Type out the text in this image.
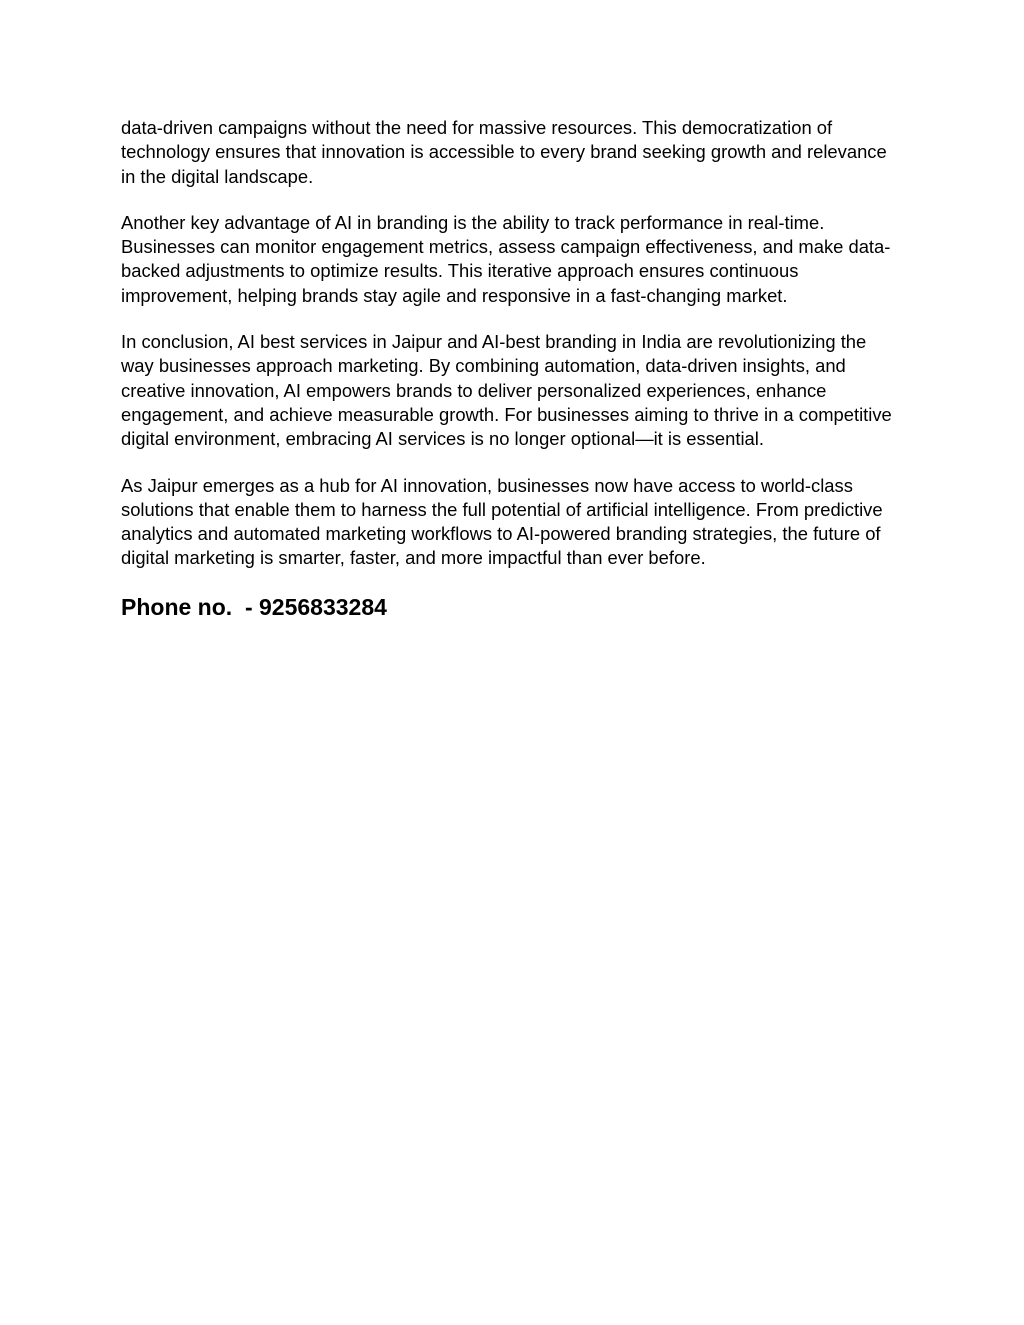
data-driven campaigns without the need for massive resources. This democratization of technology ensures that innovation is accessible to every brand seeking growth and relevance in the digital landscape.

Another key advantage of AI in branding is the ability to track performance in real-time. Businesses can monitor engagement metrics, assess campaign effectiveness, and make data-backed adjustments to optimize results. This iterative approach ensures continuous improvement, helping brands stay agile and responsive in a fast-changing market.

In conclusion, AI best services in Jaipur and AI-best branding in India are revolutionizing the way businesses approach marketing. By combining automation, data-driven insights, and creative innovation, AI empowers brands to deliver personalized experiences, enhance engagement, and achieve measurable growth. For businesses aiming to thrive in a competitive digital environment, embracing AI services is no longer optional—it is essential.

As Jaipur emerges as a hub for AI innovation, businesses now have access to world-class solutions that enable them to harness the full potential of artificial intelligence. From predictive analytics and automated marketing workflows to AI-powered branding strategies, the future of digital marketing is smarter, faster, and more impactful than ever before.

Phone no.  - 9256833284
